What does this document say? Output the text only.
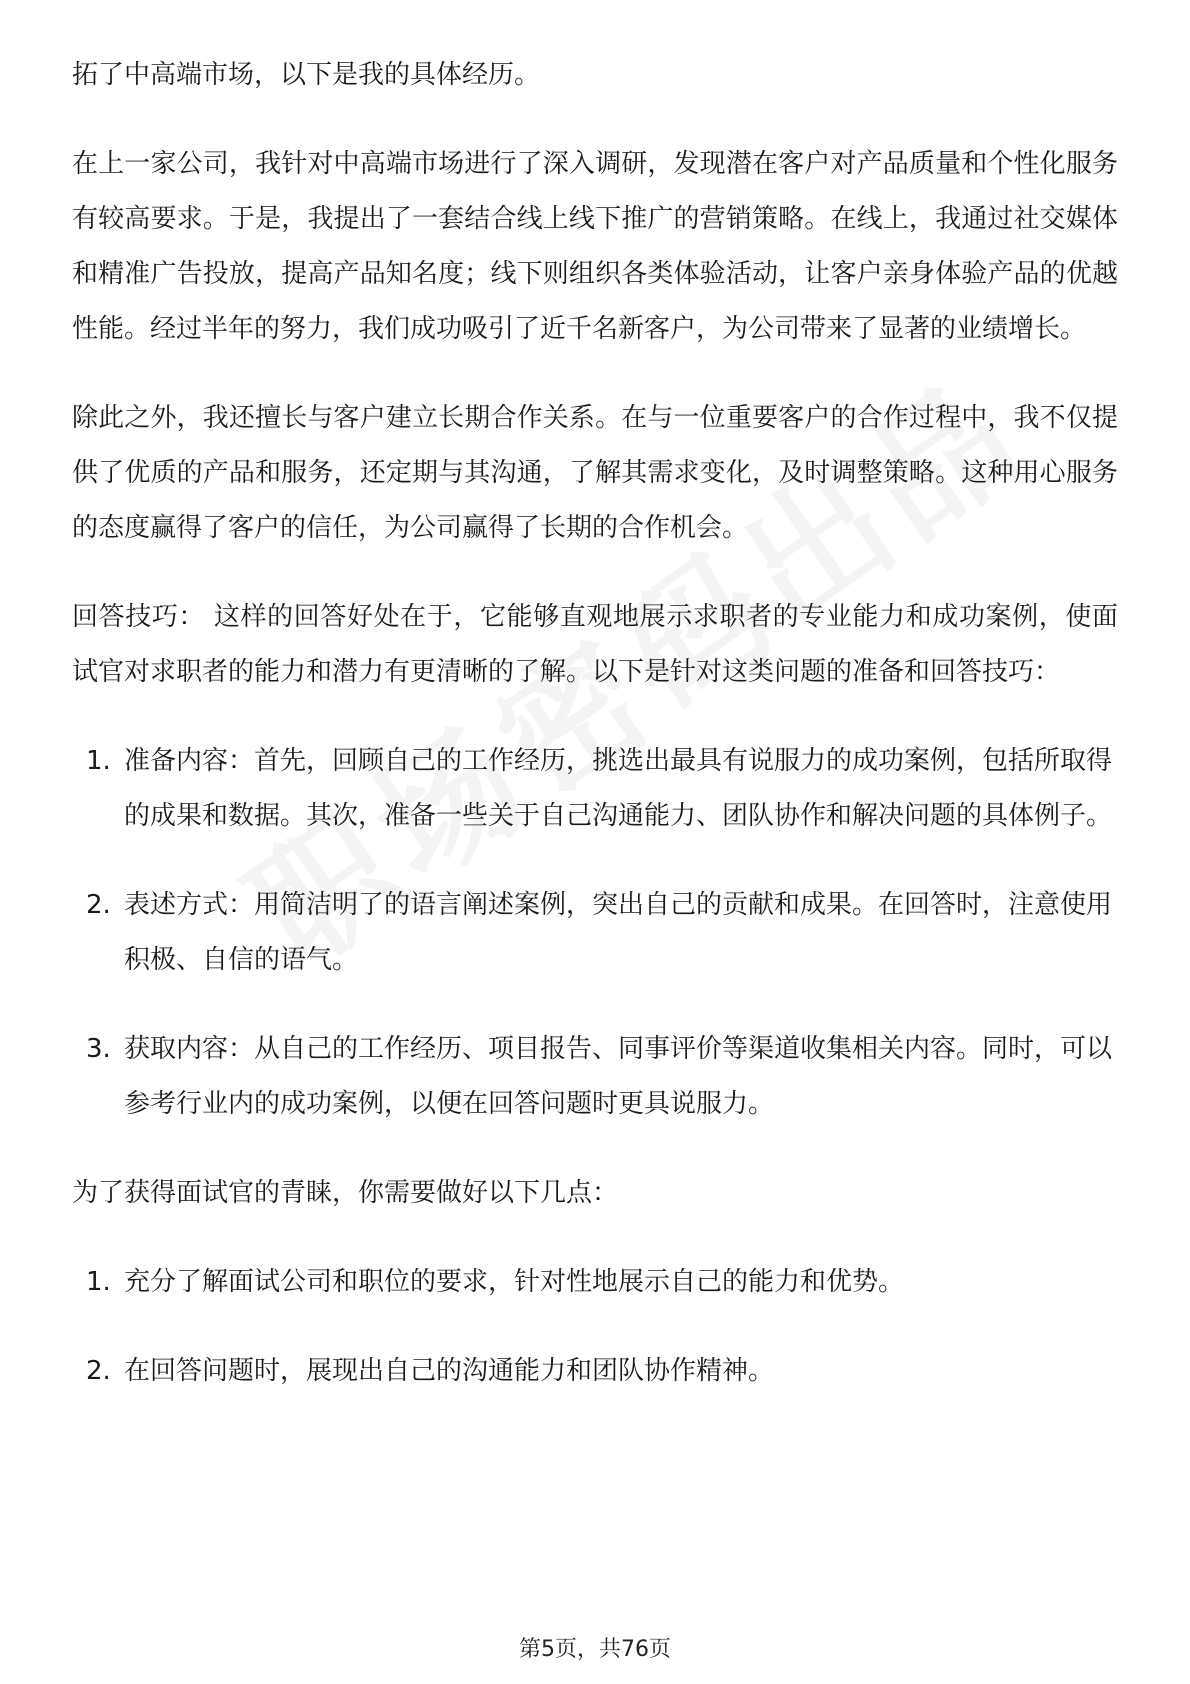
拓了中高端市场，以下是我的具体经历。

在上一家公司，我针对中高端市场进行了深入调研，发现潜在客户对产品质量和个性化服务有较高要求。于是，我提出了一套结合线上线下推广的营销策略。在线上，我通过社交媒体和精准广告投放，提高产品知名度；线下则组织各类体验活动，让客户亲身体验产品的优越性能。经过半年的努力，我们成功吸引了近千名新客户，为公司带来了显著的业绩增长。

除此之外，我还擅长与客户建立长期合作关系。在与一位重要客户的合作过程中，我不仅提供了优质的产品和服务，还定期与其沟通，了解其需求变化，及时调整策略。这种用心服务的态度赢得了客户的信任，为公司赢得了长期的合作机会。

回答技巧： 这样的回答好处在于，它能够直观地展示求职者的专业能力和成功案例，使面试官对求职者的能力和潜力有更清晰的了解。以下是针对这类问题的准备和回答技巧：

1. 准备内容：首先，回顾自己的工作经历，挑选出最具有说服力的成功案例，包括所取得的成果和数据。其次，准备一些关于自己沟通能力、团队协作和解决问题的具体例子。
2. 表述方式：用简洁明了的语言阐述案例，突出自己的贡献和成果。在回答时，注意使用积极、自信的语气。
3. 获取内容：从自己的工作经历、项目报告、同事评价等渠道收集相关内容。同时，可以参考行业内的成功案例，以便在回答问题时更具说服力。

为了获得面试官的青睐，你需要做好以下几点：

1. 充分了解面试公司和职位的要求，针对性地展示自己的能力和优势。
2. 在回答问题时，展现出自己的沟通能力和团队协作精神。
第5页，共76页
